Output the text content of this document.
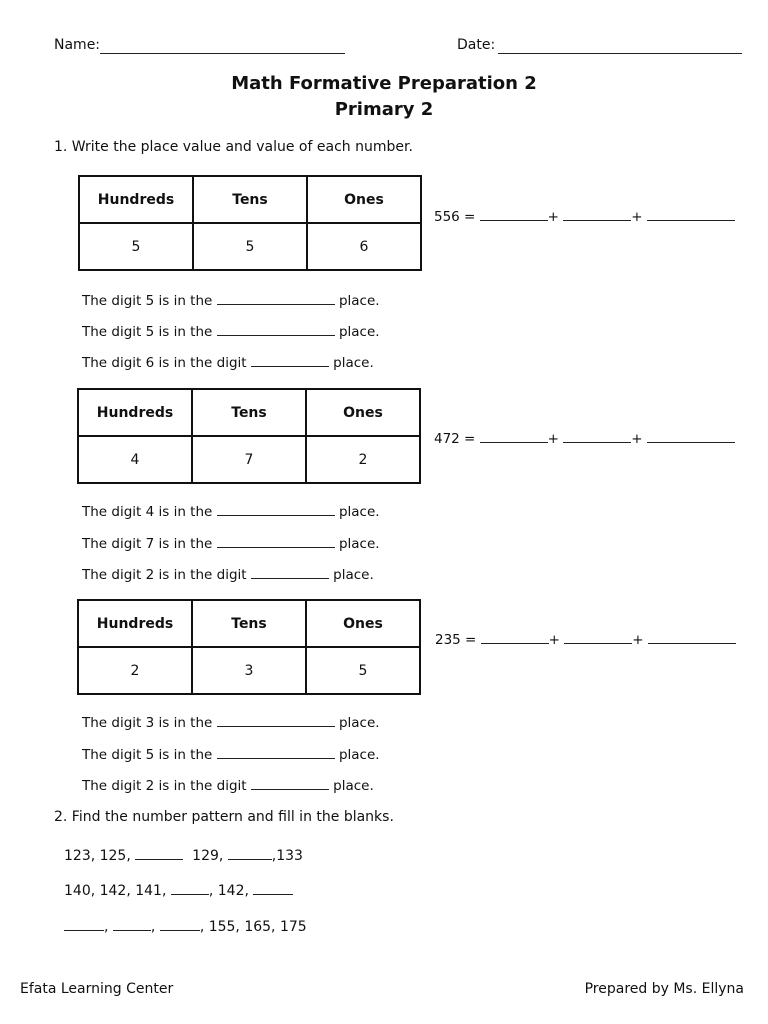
Name:	Date:
Math Formative Preparation 2
Primary 2
1. Write the place value and value of each number.
Hundreds	Tens	Ones
5	5	6
556 =	+	+
The digit 5 is in the	place.
The digit 5 is in the	place.
The digit 6 is in the digit	place.
Hundreds	Tens	Ones
4	7	2
472 =	+	+
The digit 4 is in the	place.
The digit 7 is in the	place.
The digit 2 is in the digit	place.
Hundreds	Tens	Ones
2	3	5
235 =	+	+
The digit 3 is in the	place.
The digit 5 is in the	place.
The digit 2 is in the digit	place.
2. Find the number pattern and fill in the blanks.
123, 125,	129,	,133
140, 142, 141,	, 142,
,	,	, 155, 165, 175
Efata Learning Center	Prepared by Ms. Ellyna
